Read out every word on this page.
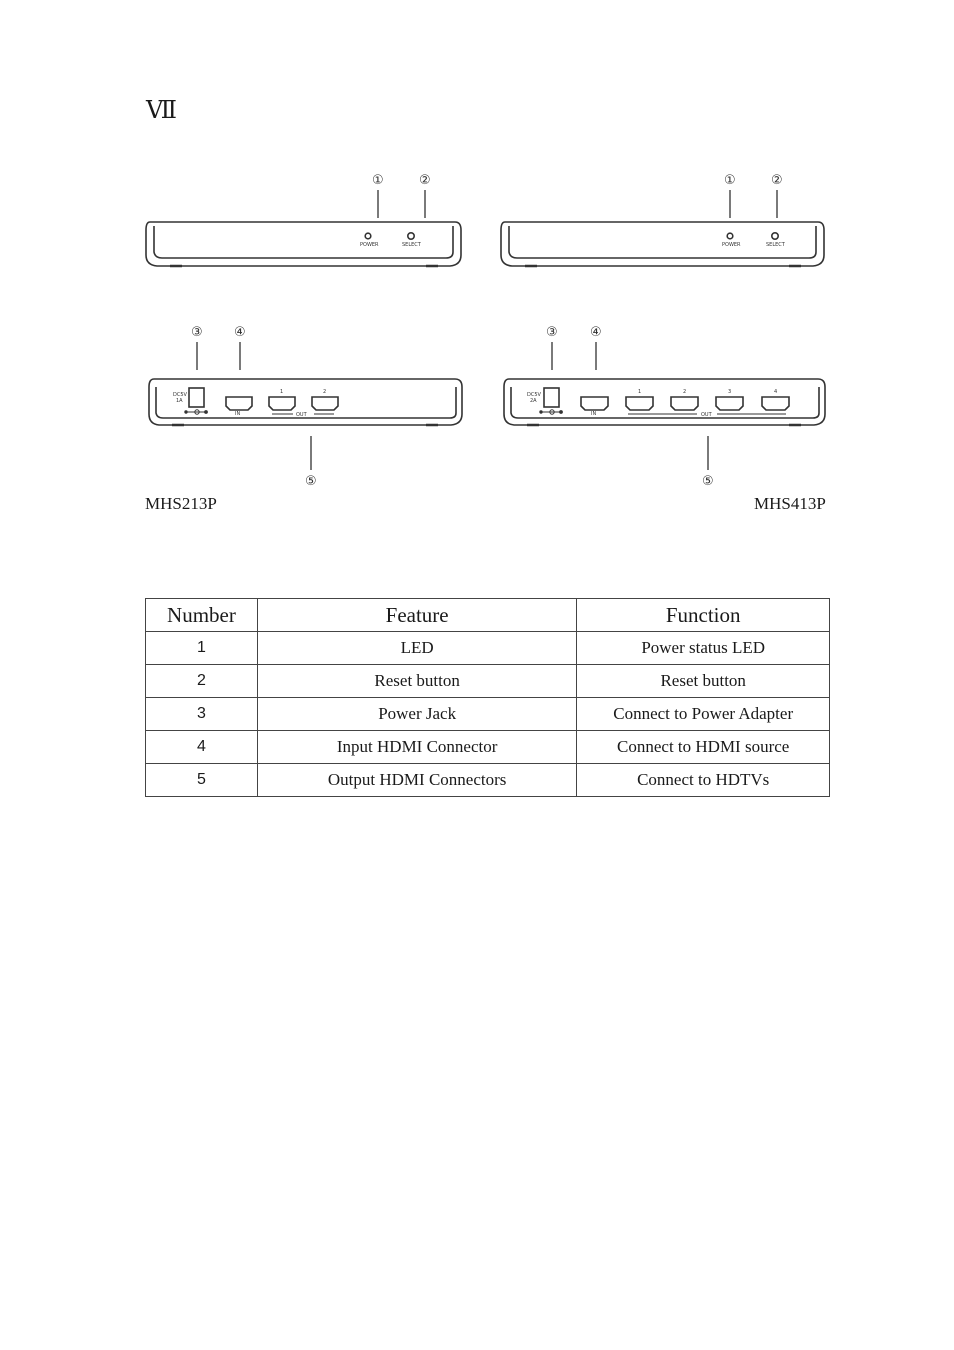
Ⅶ
POWER	SELECT	POWER	SELECT
DC5V
1A
IN	OUT
1	2	DC5V
2A
IN	OUT
1	2	3	4
①	②
③ ④
⑤
①	②
③ ④
⑤
MHS213P	MHS413P
Number	Feature	Function
1	LED	Power status LED
2	Reset button	Reset button
3	Power Jack	Connect to Power Adapter
4	Input HDMI Connector	Connect to HDMI source
5	Output HDMI Connectors	Connect to HDTVs
